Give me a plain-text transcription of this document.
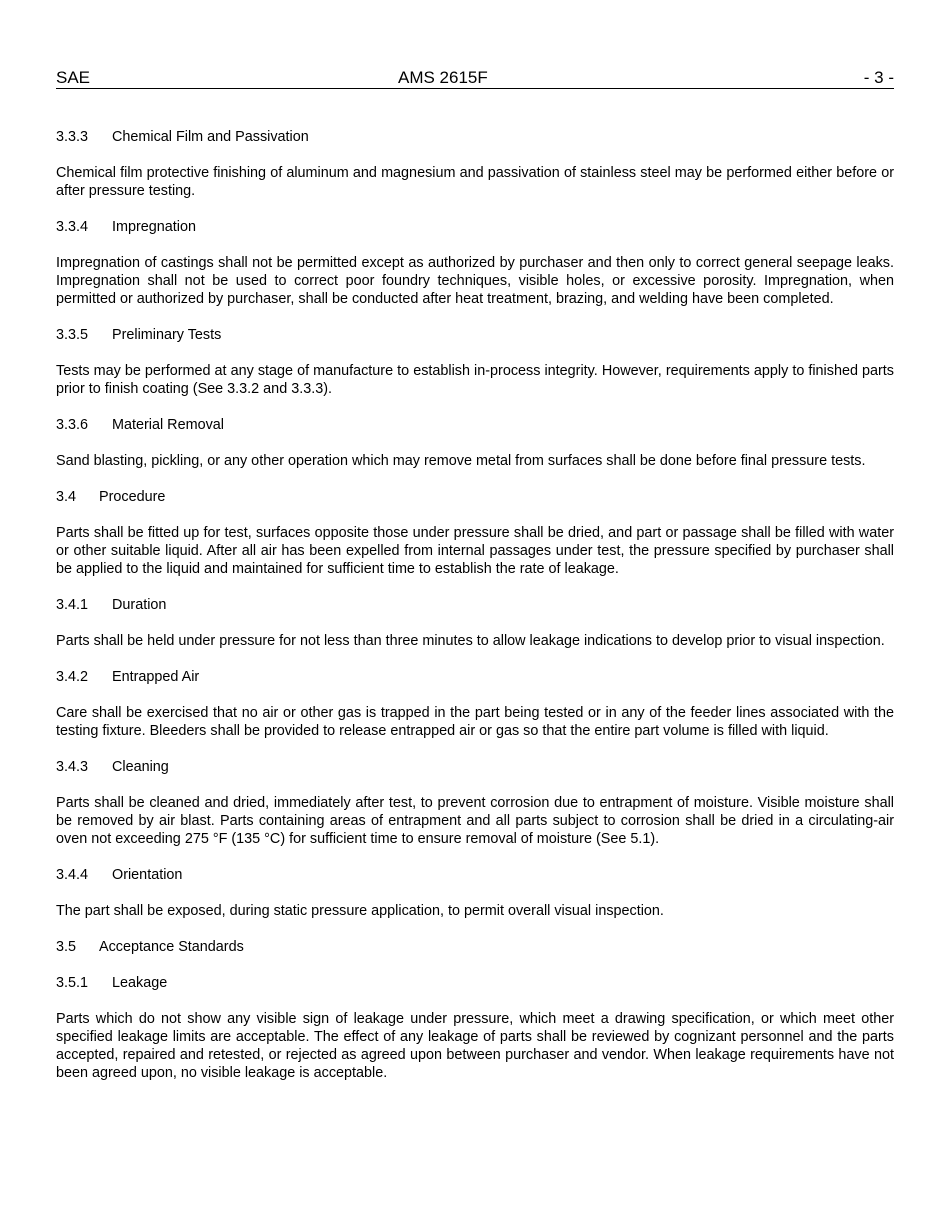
SAE	AMS 2615F	- 3 -
3.3.3 Chemical Film and Passivation

Chemical film protective finishing of aluminum and magnesium and passivation of stainless steel may be performed either before or after pressure testing.

3.3.4 Impregnation

Impregnation of castings shall not be permitted except as authorized by purchaser and then only to correct general seepage leaks. Impregnation shall not be used to correct poor foundry techniques, visible holes, or excessive porosity. Impregnation, when permitted or authorized by purchaser, shall be conducted after heat treatment, brazing, and welding have been completed.

3.3.5 Preliminary Tests

Tests may be performed at any stage of manufacture to establish in-process integrity. However, requirements apply to finished parts prior to finish coating (See 3.3.2 and 3.3.3).

3.3.6 Material Removal

Sand blasting, pickling, or any other operation which may remove metal from surfaces shall be done before final pressure tests.

3.4 Procedure

Parts shall be fitted up for test, surfaces opposite those under pressure shall be dried, and part or passage shall be filled with water or other suitable liquid. After all air has been expelled from internal passages under test, the pressure specified by purchaser shall be applied to the liquid and maintained for sufficient time to establish the rate of leakage.

3.4.1 Duration

Parts shall be held under pressure for not less than three minutes to allow leakage indications to develop prior to visual inspection.

3.4.2 Entrapped Air

Care shall be exercised that no air or other gas is trapped in the part being tested or in any of the feeder lines associated with the testing fixture. Bleeders shall be provided to release entrapped air or gas so that the entire part volume is filled with liquid.

3.4.3 Cleaning

Parts shall be cleaned and dried, immediately after test, to prevent corrosion due to entrapment of moisture. Visible moisture shall be removed by air blast. Parts containing areas of entrapment and all parts subject to corrosion shall be dried in a circulating-air oven not exceeding 275 °F (135 °C) for sufficient time to ensure removal of moisture (See 5.1).

3.4.4 Orientation

The part shall be exposed, during static pressure application, to permit overall visual inspection.

3.5 Acceptance Standards
3.5.1 Leakage

Parts which do not show any visible sign of leakage under pressure, which meet a drawing specification, or which meet other specified leakage limits are acceptable. The effect of any leakage of parts shall be reviewed by cognizant personnel and the parts accepted, repaired and retested, or rejected as agreed upon between purchaser and vendor. When leakage requirements have not been agreed upon, no visible leakage is acceptable.
